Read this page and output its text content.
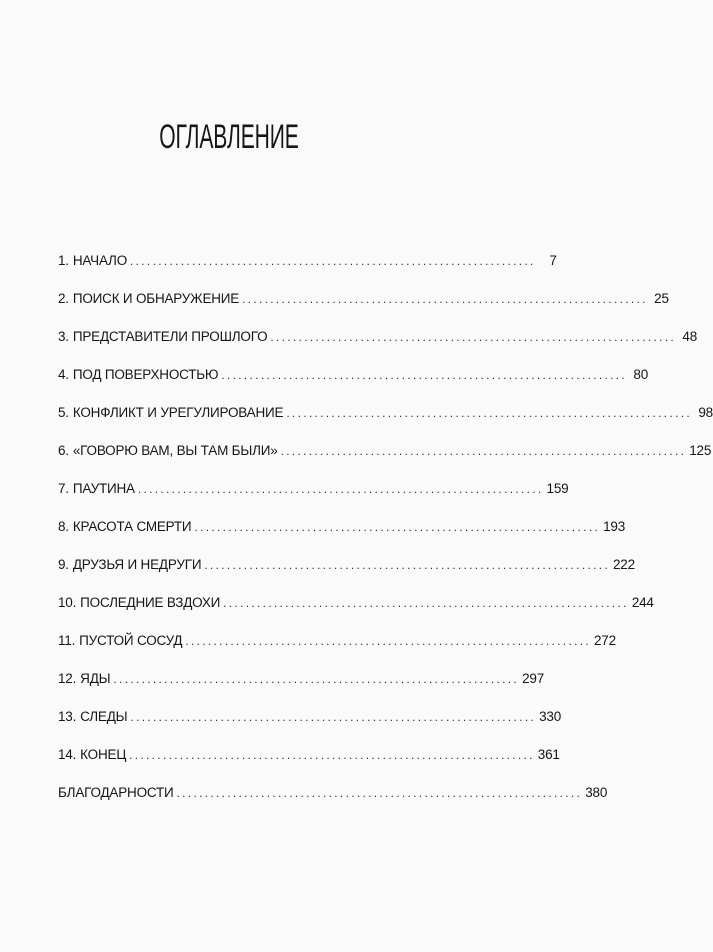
ОГЛАВЛЕНИЕ
1. НАЧАЛО ........................................................................	7
2. ПОИСК И ОБНАРУЖЕНИЕ ........................................................................ 25
3. ПРЕДСТАВИТЕЛИ ПРОШЛОГО ........................................................................ 48
4. ПОД ПОВЕРХНОСТЬЮ ........................................................................ 80
5. КОНФЛИКТ И УРЕГУЛИРОВАНИЕ ........................................................................ 98
6. «ГОВОРЮ ВАМ, ВЫ ТАМ БЫЛИ» ........................................................................ 125
7. ПАУТИНА ........................................................................ 159
8. КРАСОТА СМЕРТИ ........................................................................ 193
9. ДРУЗЬЯ И НЕДРУГИ ........................................................................ 222
10. ПОСЛЕДНИЕ ВЗДОХИ ........................................................................ 244
11. ПУСТОЙ СОСУД ........................................................................ 272
12. ЯДЫ ........................................................................ 297
13. СЛЕДЫ ........................................................................ 330
14. КОНЕЦ ........................................................................ 361
БЛАГОДАРНОСТИ ........................................................................ 380
